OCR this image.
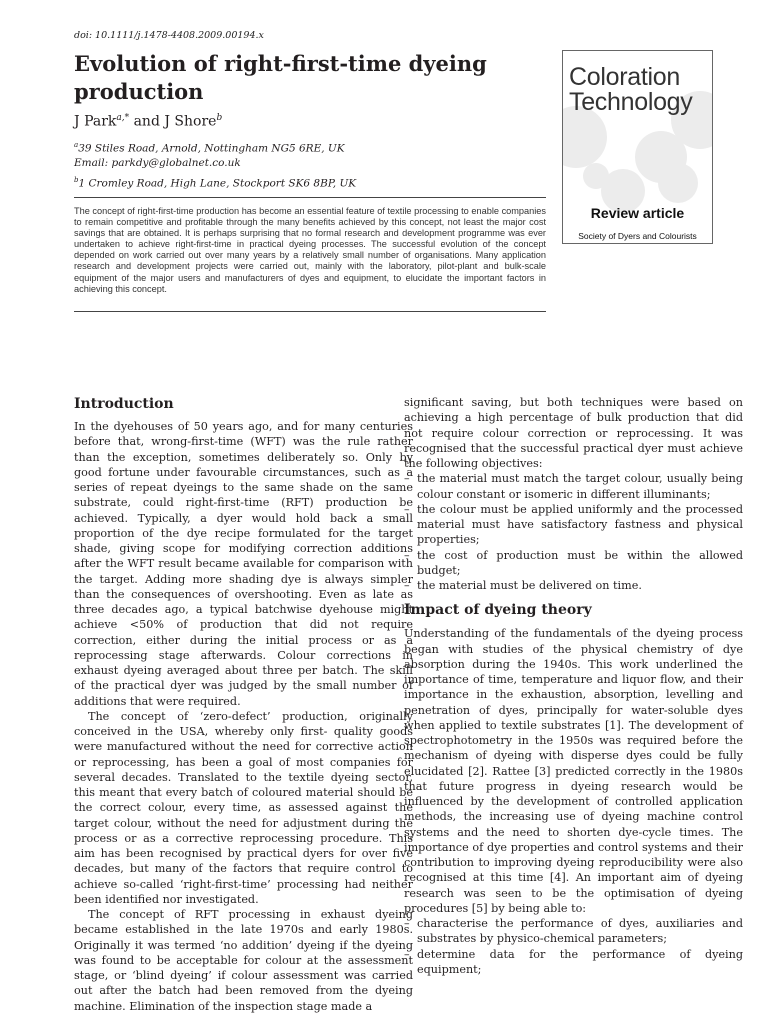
doi: 10.1111/j.1478-4408.2009.00194.x
Evolution of right-first-time dyeing production
J Park$^{a,*}$ and J Shore$^b$
$^a$39 Stiles Road, Arnold, Nottingham NG5 6RE, UK
Email: parkdy@globalnet.co.uk
$^b$1 Cromley Road, High Lane, Stockport SK6 8BP, UK

The concept of right-first-time production has become an essential feature of textile processing to enable companies to remain competitive and profitable through the many benefits achieved by this concept, not least the major cost savings that are obtained. It is perhaps surprising that no formal research and development programme was ever undertaken to achieve right-first-time in practical dyeing processes. The successful evolution of the concept depended on work carried out over many years by a relatively small number of organisations. Many application research and development projects were carried out, mainly with the laboratory, pilot-plant and bulk-scale equipment of the major users and manufacturers of dyes and equipment, to elucidate the important factors in achieving this concept.

Coloration
Technology
Review article
Society of Dyers and Colourists
Introduction

In the dyehouses of 50 years ago, and for many centuries before that, wrong-first-time (WFT) was the rule rather than the exception, sometimes deliberately so. Only by good fortune under favourable circumstances, such as a series of repeat dyeings to the same shade on the same substrate, could right-first-time (RFT) production be achieved. Typically, a dyer would hold back a small proportion of the dye recipe formulated for the target shade, giving scope for modifying correction additions after the WFT result became available for comparison with the target. Adding more shading dye is always simpler than the consequences of overshooting. Even as late as three decades ago, a typical batchwise dyehouse might achieve <50% of production that did not require correction, either during the initial process or as a reprocessing stage afterwards. Colour corrections in exhaust dyeing averaged about three per batch. The skill of the practical dyer was judged by the small number of additions that were required.

The concept of ‘zero-defect’ production, originally conceived in the USA, whereby only first- quality goods were manufactured without the need for corrective action or reprocessing, has been a goal of most companies for several decades. Translated to the textile dyeing sector, this meant that every batch of coloured material should be the correct colour, every time, as assessed against the target colour, without the need for adjustment during the process or as a corrective reprocessing procedure. This aim has been recognised by practical dyers for over five decades, but many of the factors that require control to achieve so-called ‘right-first-time’ processing had neither been identified nor investigated.

The concept of RFT processing in exhaust dyeing became established in the late 1970s and early 1980s. Originally it was termed ‘no addition’ dyeing if the dyeing was found to be acceptable for colour at the assessment stage, or ‘blind dyeing’ if colour assessment was carried out after the batch had been removed from the dyeing machine. Elimination of the inspection stage made a

significant saving, but both techniques were based on achieving a high percentage of bulk production that did not require colour correction or reprocessing. It was recognised that the successful practical dyer must achieve the following objectives:

– the material must match the target colour, usually being colour constant or isomeric in different illuminants;
– the colour must be applied uniformly and the processed material must have satisfactory fastness and physical properties;
– the cost of production must be within the allowed budget;
– the material must be delivered on time.
Impact of dyeing theory

Understanding of the fundamentals of the dyeing process began with studies of the physical chemistry of dye absorption during the 1940s. This work underlined the importance of time, temperature and liquor flow, and their importance in the exhaustion, absorption, levelling and penetration of dyes, principally for water-soluble dyes when applied to textile substrates [1]. The development of spectrophotometry in the 1950s was required before the mechanism of dyeing with disperse dyes could be fully elucidated [2]. Rattee [3] predicted correctly in the 1980s that future progress in dyeing research would be influenced by the development of controlled application methods, the increasing use of dyeing machine control systems and the need to shorten dye-cycle times. The importance of dye properties and control systems and their contribution to improving dyeing reproducibility were also recognised at this time [4]. An important aim of dyeing research was seen to be the optimisation of dyeing procedures [5] by being able to:

– characterise the performance of dyes, auxiliaries and substrates by physico-chemical parameters;
– determine data for the performance of dyeing equipment;
